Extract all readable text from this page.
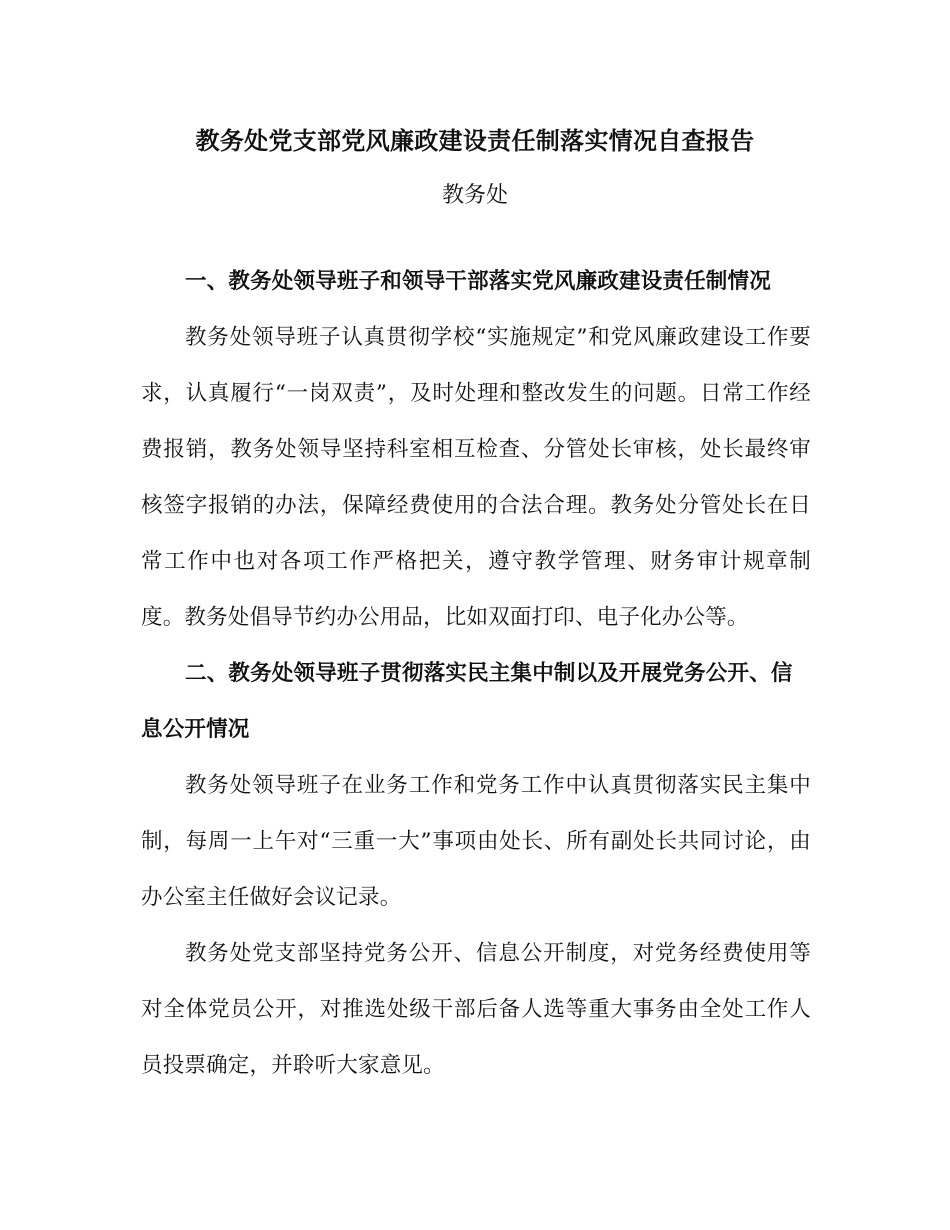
教务处党支部党风廉政建设责任制落实情况自查报告
教务处

一、教务处领导班子和领导干部落实党风廉政建设责任制情况

教务处领导班子认真贯彻学校“实施规定”和党风廉政建设工作要求，认真履行“一岗双责”，及时处理和整改发生的问题。日常工作经费报销，教务处领导坚持科室相互检查、分管处长审核，处长最终审核签字报销的办法，保障经费使用的合法合理。教务处分管处长在日常工作中也对各项工作严格把关，遵守教学管理、财务审计规章制度。教务处倡导节约办公用品，比如双面打印、电子化办公等。

二、教务处领导班子贯彻落实民主集中制以及开展党务公开、信息公开情况

教务处领导班子在业务工作和党务工作中认真贯彻落实民主集中制，每周一上午对“三重一大”事项由处长、所有副处长共同讨论，由办公室主任做好会议记录。

教务处党支部坚持党务公开、信息公开制度，对党务经费使用等对全体党员公开，对推选处级干部后备人选等重大事务由全处工作人员投票确定，并聆听大家意见。
